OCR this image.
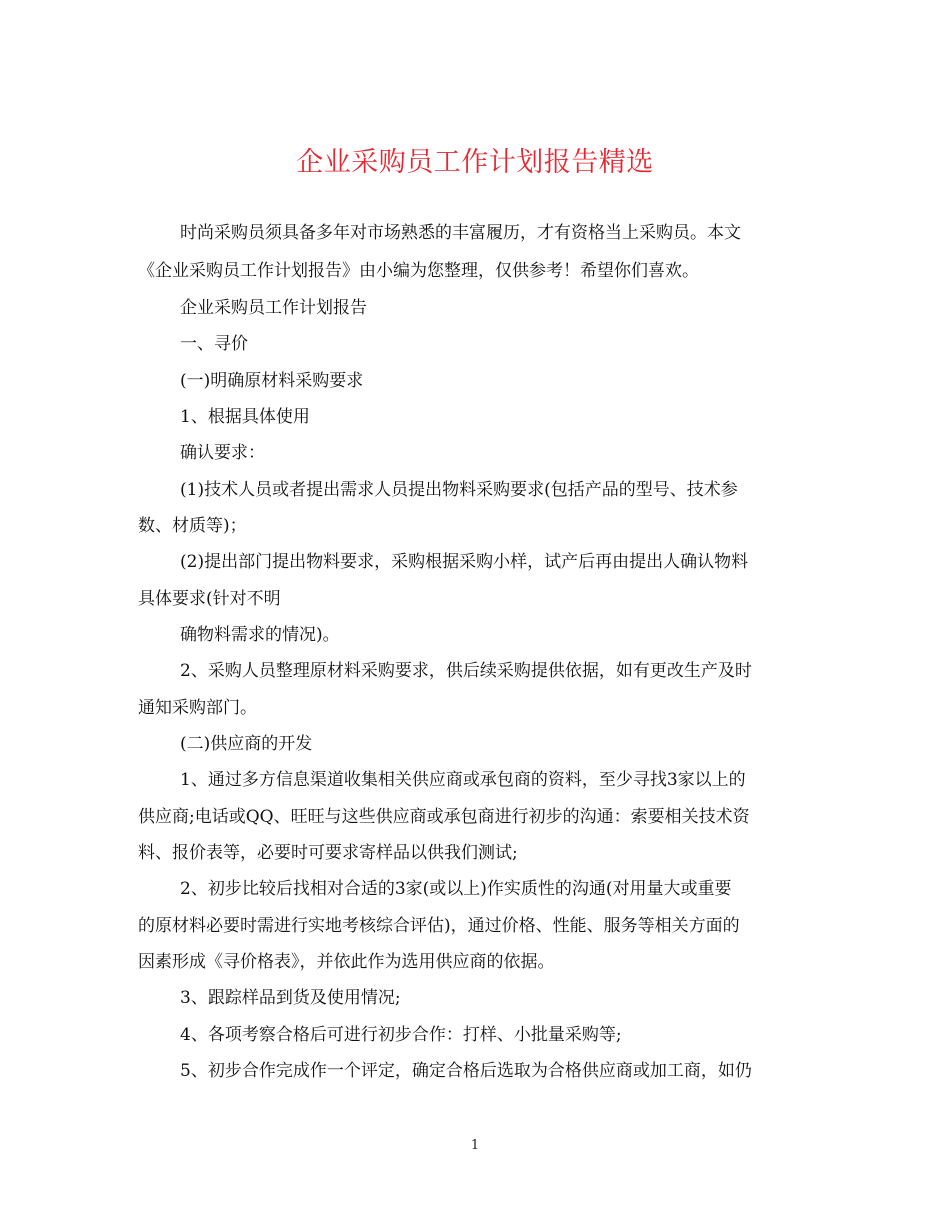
企业采购员工作计划报告精选
时尚采购员须具备多年对市场熟悉的丰富履历，才有资格当上采购员。本文
《企业采购员工作计划报告》由小编为您整理，仅供参考！希望你们喜欢。
企业采购员工作计划报告
一、寻价
(一)明确原材料采购要求
1、根据具体使用
确认要求：
(1)技术人员或者提出需求人员提出物料采购要求(包括产品的型号、技术参
数、材质等)；
(2)提出部门提出物料要求，采购根据采购小样，试产后再由提出人确认物料
具体要求(针对不明
确物料需求的情况)。
2、采购人员整理原材料采购要求，供后续采购提供依据，如有更改生产及时
通知采购部门。
(二)供应商的开发
1、通过多方信息渠道收集相关供应商或承包商的资料，至少寻找3家以上的
供应商;电话或QQ、旺旺与这些供应商或承包商进行初步的沟通：索要相关技术资
料、报价表等，必要时可要求寄样品以供我们测试;
2、初步比较后找相对合适的3家(或以上)作实质性的沟通(对用量大或重要
的原材料必要时需进行实地考核综合评估)，通过价格、性能、服务等相关方面的
因素形成《寻价格表》，并依此作为选用供应商的依据。
3、跟踪样品到货及使用情况;
4、各项考察合格后可进行初步合作：打样、小批量采购等;
5、初步合作完成作一个评定，确定合格后选取为合格供应商或加工商，如仍
1
